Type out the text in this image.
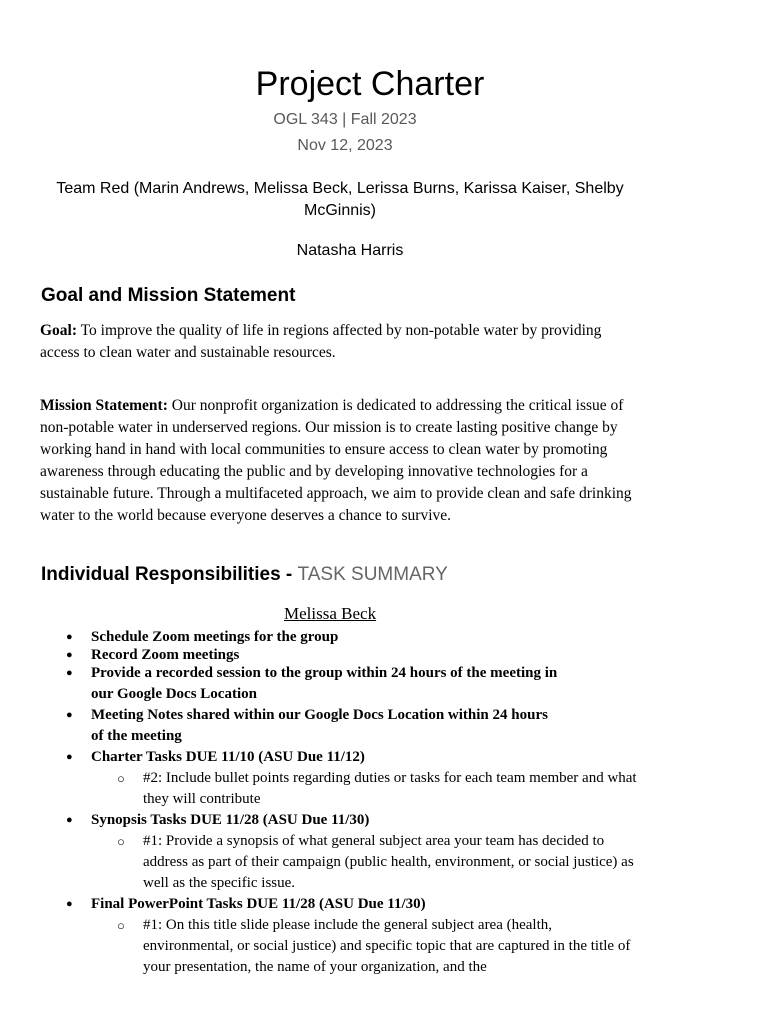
Project Charter
OGL 343 | Fall 2023
Nov 12, 2023
Team Red (Marin Andrews, Melissa Beck, Lerissa Burns, Karissa Kaiser, Shelby McGinnis)
Natasha Harris
Goal and Mission Statement
Goal: To improve the quality of life in regions affected by non-potable water by providing access to clean water and sustainable resources.
Mission Statement: Our nonprofit organization is dedicated to addressing the critical issue of non-potable water in underserved regions. Our mission is to create lasting positive change by working hand in hand with local communities to ensure access to clean water by promoting awareness through educating the public and by developing innovative technologies for a sustainable future. Through a multifaceted approach, we aim to provide clean and safe drinking water to the world because everyone deserves a chance to survive.
Individual Responsibilities - TASK SUMMARY
Melissa Beck
● Schedule Zoom meetings for the group
● Record Zoom meetings
● Provide a recorded session to the group within 24 hours of the meeting in our Google Docs Location
● Meeting Notes shared within our Google Docs Location within 24 hours of the meeting
● Charter Tasks DUE 11/10 (ASU Due 11/12)
○ #2: Include bullet points regarding duties or tasks for each team member and what they will contribute
● Synopsis Tasks DUE 11/28 (ASU Due 11/30)
○ #1: Provide a synopsis of what general subject area your team has decided to address as part of their campaign (public health, environment, or social justice) as well as the specific issue.
● Final PowerPoint Tasks DUE 11/28 (ASU Due 11/30)
○ #1: On this title slide please include the general subject area (health, environmental, or social justice) and specific topic that are captured in the title of your presentation, the name of your organization, and the
